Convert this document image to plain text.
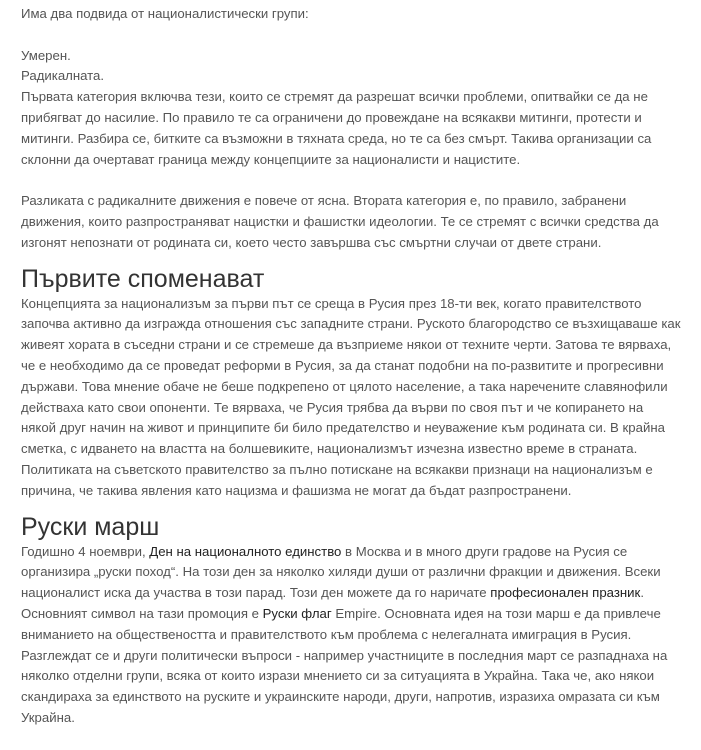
Има два подвида от националистически групи:

Умерен.

Радикалната.

Първата категория включва тези, които се стремят да разрешат всички проблеми, опитвайки се да не прибягват до насилие. По правило те са ограничени до провеждане на всякакви митинги, протести и митинги. Разбира се, битките са възможни в тяхната среда, но те са без смърт. Такива организации са склонни да очертават граница между концепциите за националисти и нацистите.

Разликата с радикалните движения е повече от ясна. Втората категория е, по правило, забранени движения, които разпространяват нацистки и фашистки идеологии. Те се стремят с всички средства да изгонят непознати от родината си, което често завършва със смъртни случаи от двете страни.

Първите споменават

Концепцията за национализъм за първи път се среща в Русия през 18-ти век, когато правителството започва активно да изгражда отношения със западните страни. Руското благородство се възхищаваше как живеят хората в съседни страни и се стремеше да възприеме някои от техните черти. Затова те вярваха, че е необходимо да се проведат реформи в Русия, за да станат подобни на по-развитите и прогресивни държави. Това мнение обаче не беше подкрепено от цялото население, а така наречените славянофили действаха като свои опоненти. Те вярваха, че Русия трябва да върви по своя път и че копирането на някой друг начин на живот и принципите би било предателство и неуважение към родината си. В крайна сметка, с идването на властта на болшевиките, национализмът изчезна известно време в страната. Политиката на съветското правителство за пълно потискане на всякакви признаци на национализъм е причина, че такива явления като нацизма и фашизма не могат да бъдат разпространени.

Руски марш

Годишно 4 ноември, Ден на националното единство в Москва и в много други градове на Русия се организира „руски поход“. На този ден за няколко хиляди души от различни фракции и движения. Всеки националист иска да участва в този парад. Този ден можете да го наричате професионален празник. Основният символ на тази промоция е Руски флаг Empire. Основната идея на този марш е да привлече вниманието на обществеността и правителството към проблема с нелегалната имиграция в Русия. Разглеждат се и други политически въпроси - например участниците в последния март се разпаднаха на няколко отделни групи, всяка от които изрази мнението си за ситуацията в Украйна. Така че, ако някои скандираха за единството на руските и украинските народи, други, напротив, изразиха омразата си към Украйна.
